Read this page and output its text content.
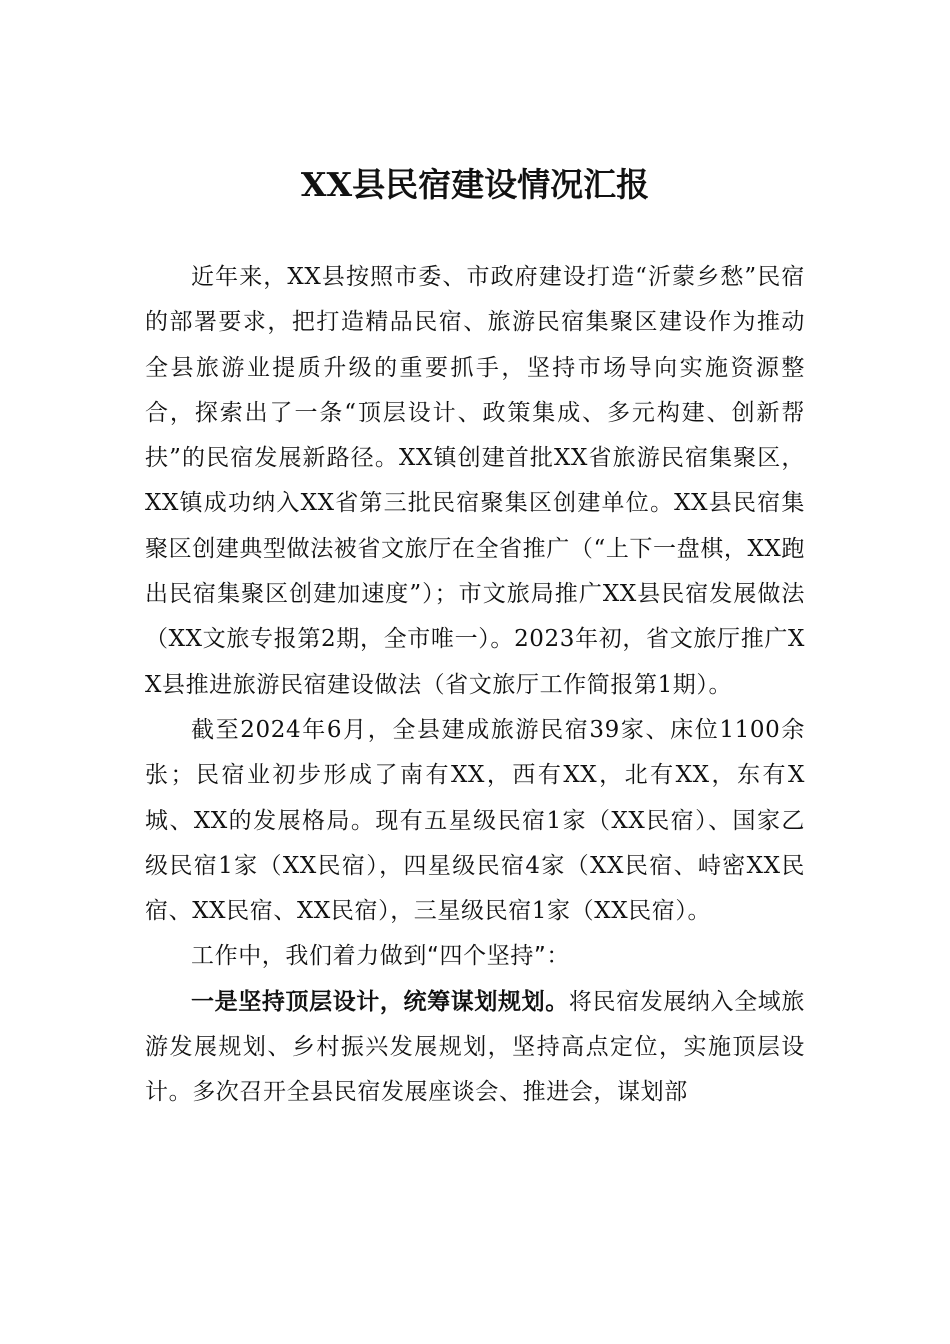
XX县民宿建设情况汇报

近年来，XX县按照市委、市政府建设打造“沂蒙乡愁”民宿的部署要求，把打造精品民宿、旅游民宿集聚区建设作为推动全县旅游业提质升级的重要抓手，坚持市场导向实施资源整合，探索出了一条“顶层设计、政策集成、多元构建、创新帮扶”的民宿发展新路径。XX镇创建首批XX省旅游民宿集聚区，XX镇成功纳入XX省第三批民宿聚集区创建单位。XX县民宿集聚区创建典型做法被省文旅厅在全省推广（“上下一盘棋，XX跑出民宿集聚区创建加速度”）；市文旅局推广XX县民宿发展做法（XX文旅专报第2期，全市唯一）。2023年初，省文旅厅推广XX县推进旅游民宿建设做法（省文旅厅工作简报第1期）。

截至2024年6月，全县建成旅游民宿39家、床位1100余张；民宿业初步形成了南有XX，西有XX，北有XX，东有X城、XX的发展格局。现有五星级民宿1家（XX民宿）、国家乙级民宿1家（XX民宿），四星级民宿4家（XX民宿、峙密XX民宿、XX民宿、XX民宿），三星级民宿1家（XX民宿）。

工作中，我们着力做到“四个坚持”：

一是坚持顶层设计，统筹谋划规划。将民宿发展纳入全域旅游发展规划、乡村振兴发展规划，坚持高点定位，实施顶层设计。多次召开全县民宿发展座谈会、推进会，谋划部
